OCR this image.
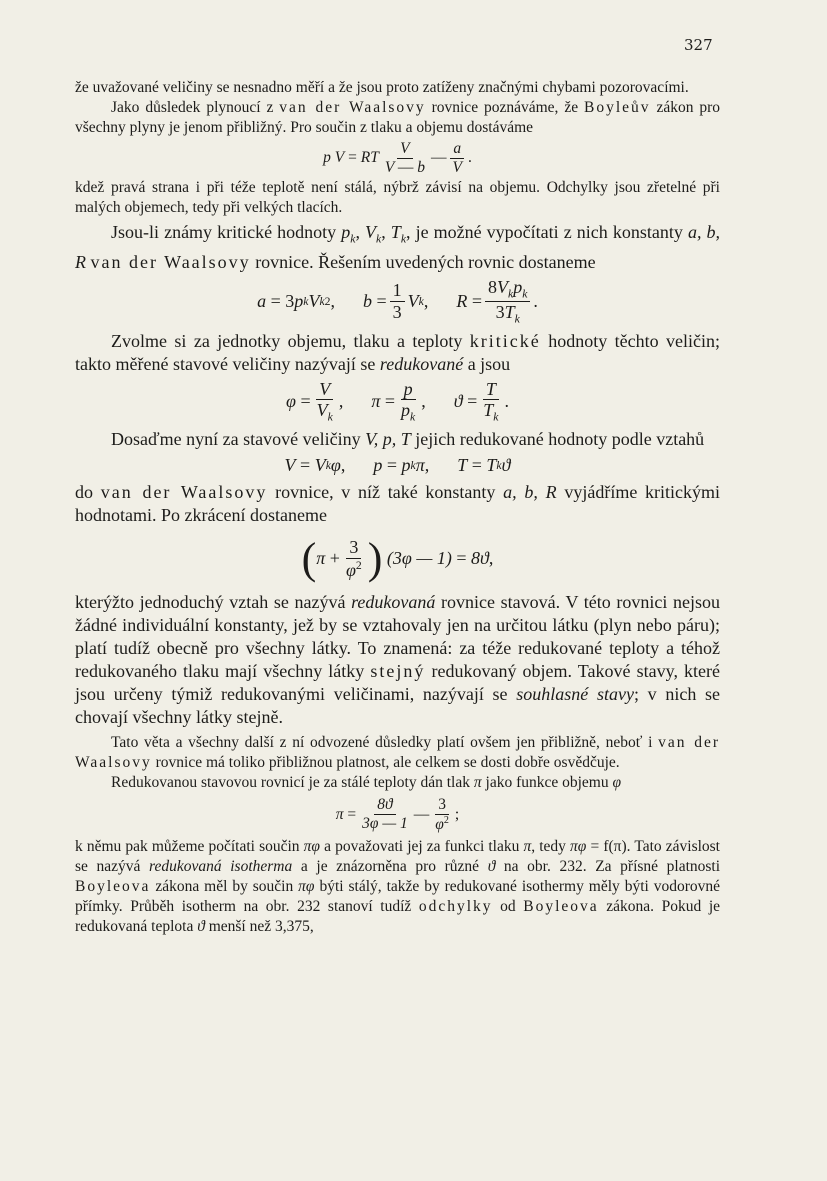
327

že uvažované veličiny se nesnadno měří a že jsou proto zatíženy značnými chybami pozorovacími.

Jako důsledek plynoucí z van der Waalsovy rovnice poznáváme, že Boyleův zákon pro všechny plyny je jenom přibližný. Pro součin z tlaku a objemu dostáváme

p
V
=
R T $\frac{V}{V — b}$ — $\frac{a}{V}$ .

kdež pravá strana i při téže teplotě není stálá, nýbrž závisí na objemu. Odchylky jsou zřetelné při malých objemech, tedy při velkých tlacích.

Jsou-li známy kritické hodnoty $p_k$, $V_k$, $T_k$, je možné vypočítati z nich konstanty a, b, R van der Waalsovy rovnice. Řešením uvedených rovnic dostaneme

a
=
3 p k V k 2 , b
= $\frac{1}{3}$ V k , R
= $\frac{8V_kp_k}{3T_k}$ .

Zvolme si za jednotky objemu, tlaku a teploty kritické hodnoty těchto veličin; takto měřené stavové veličiny nazývají se redukované a jsou

φ
= $\frac{V}{V_k}$ , π
= $\frac{p}{p_k}$ , ϑ
= $\frac{T}{T_k}$ .

Dosaďme nyní za stavové veličiny V, p, T jejich redukované hodnoty podle vztahů

V
=
V k φ , p
=
p k π , T
=
T k ϑ

do van der Waalsovy rovnice, v níž také konstanty a, b, R vyjádříme kritickými hodnotami. Po zkrácení dostaneme

( π
+ $\frac{3}{\varphi^2}$ )
(3φ — 1)
=
8ϑ ,

kterýžto jednoduchý vztah se nazývá redukovaná rovnice stavová. V této rovnici nejsou žádné individuální konstanty, jež by se vztahovaly jen na určitou látku (plyn nebo páru); platí tudíž obecně pro všechny látky. To znamená: za téže redukované teploty a téhož redukovaného tlaku mají všechny látky stejný redukovaný objem. Takové stavy, které jsou určeny týmiž redukovanými veličinami, nazývají se souhlasné stavy; v nich se chovají všechny látky stejně.

Tato věta a všechny další z ní odvozené důsledky platí ovšem jen přibližně, neboť i van der Waalsovy rovnice má toliko přibližnou platnost, ale celkem se dosti dobře osvědčuje.

Redukovanou stavovou rovnicí je za stálé teploty dán tlak π jako funkce objemu φ

π
= $\frac{8ϑ}{3\varphi — 1}$ — $\frac{3}{\varphi^2}$ ;

k němu pak můžeme počítati součin πφ a považovati jej za funkci tlaku π, tedy πφ = f(π). Tato závislost se nazývá redukovaná isotherma a je znázorněna pro různé ϑ na obr. 232. Za přísné platnosti Boyleova zákona měl by součin πφ býti stálý, takže by redukované isothermy měly býti vodorovné přímky. Průběh isotherm na obr. 232 stanoví tudíž odchylky od Boyleova zákona. Pokud je redukovaná teplota ϑ menší než 3,375,
